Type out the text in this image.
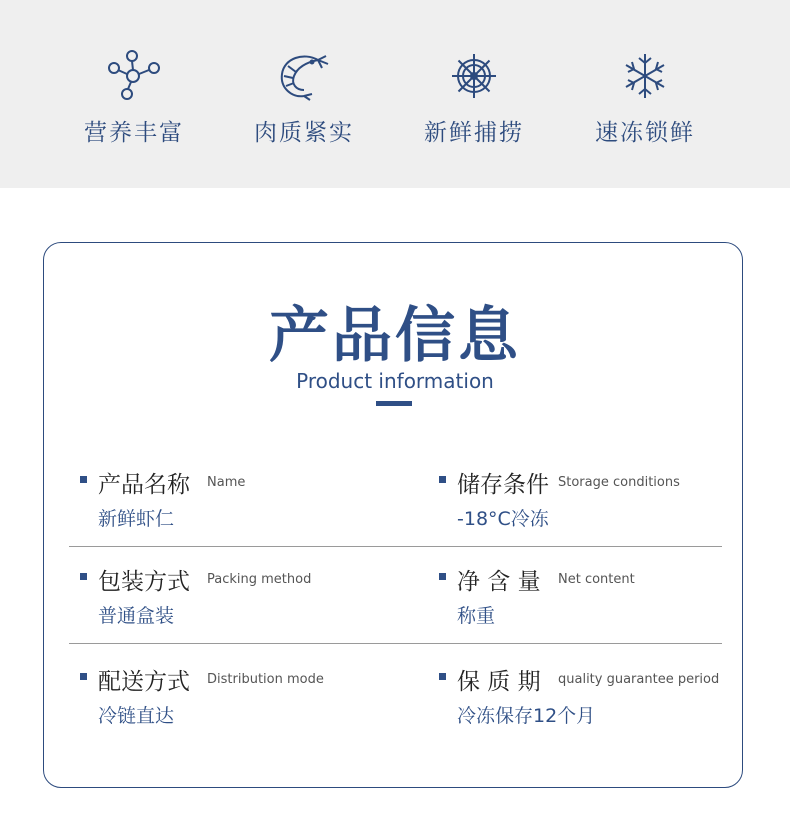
营养丰富	肉质紧实	新鲜捕捞	速冻锁鲜
产品信息
Product information
产品名称 Name
新鲜虾仁
储存条件 Storage conditions
-18°C冷冻
包装方式 Packing method
普通盒装
净 含 量 Net content
称重
配送方式 Distribution mode
冷链直达
保 质 期 quality guarantee period
冷冻保存12个月
